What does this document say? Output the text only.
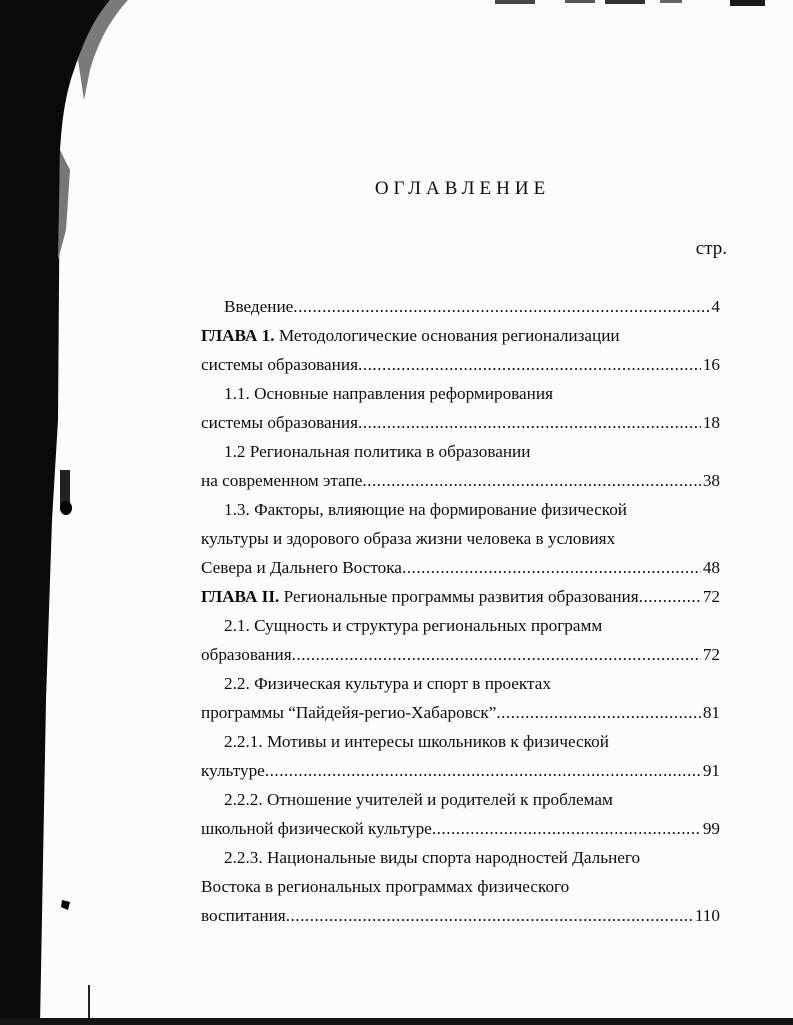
ОГЛАВЛЕНИЕ
стр.
Введение .....	4
ГЛАВА 1. Методологические основания регионализации
системы образования .....	16
1.1. Основные направления реформирования
системы образования .....	18
1.2 Региональная политика в образовании
на современном этапе .....	38
1.3. Факторы, влияющие на формирование физической
культуры и здорового образа жизни человека в условиях
Севера и Дальнего Востока .....	48
ГЛАВА II. Региональные программы развития образования .....	72
2.1. Сущность и структура региональных программ
образования .....	72
2.2. Физическая культура и спорт в проектах
программы “Пайдейя-регио-Хабаровск” .....	81
2.2.1. Мотивы и интересы школьников к физической
культуре .....	91
2.2.2. Отношение учителей и родителей к проблемам
школьной физической культуре .....	99
2.2.3. Национальные виды спорта народностей Дальнего
Востока в региональных программах физического
воспитания .....	110
